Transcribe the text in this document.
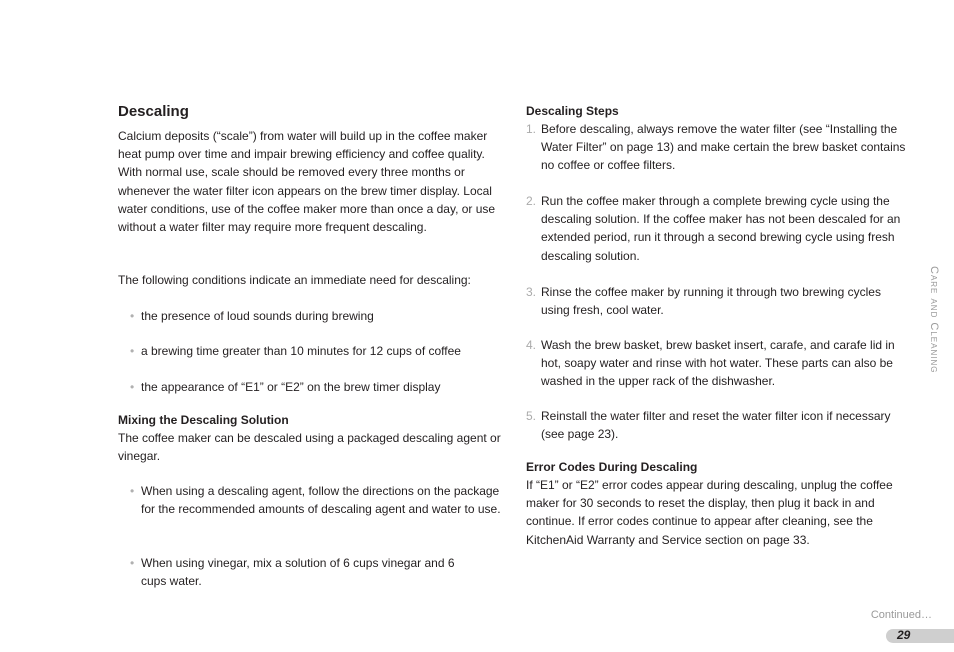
Descaling

Calcium deposits (“scale”) from water will build up in the coffee maker heat pump over time and impair brewing efficiency and coffee quality. With normal use, scale should be removed every three months or whenever the water filter icon appears on the brew timer display. Local water conditions, use of the coffee maker more than once a day, or use without a water filter may require more frequent descaling.

The following conditions indicate an immediate need for descaling:

• the presence of loud sounds during brewing
• a brewing time greater than 10 minutes for 12 cups of coffee
• the appearance of “E1” or “E2” on the brew timer display
Mixing the Descaling Solution

The coffee maker can be descaled using a packaged descaling agent or vinegar.

• When using a descaling agent, follow the directions on the package for the recommended amounts of descaling agent and water to use.
• When using vinegar, mix a solution of 6 cups vinegar and 6 cups water.
Descaling Steps
1. Before descaling, always remove the water filter (see “Installing the Water Filter” on page 13) and make certain the brew basket contains no coffee or coffee filters.
2. Run the coffee maker through a complete brewing cycle using the descaling solution. If the coffee maker has not been descaled for an extended period, run it through a second brewing cycle using fresh descaling solution.
3. Rinse the coffee maker by running it through two brewing cycles using fresh, cool water.
4. Wash the brew basket, brew basket insert, carafe, and carafe lid in hot, soapy water and rinse with hot water. These parts can also be washed in the upper rack of the dishwasher.
5. Reinstall the water filter and reset the water filter icon if necessary (see page 23).
Error Codes During Descaling

If “E1” or “E2” error codes appear during descaling, unplug the coffee maker for 30 seconds to reset the display, then plug it back in and continue. If error codes continue to appear after cleaning, see the KitchenAid Warranty and Service section on page 33.

Care and Cleaning
Continued…
29
